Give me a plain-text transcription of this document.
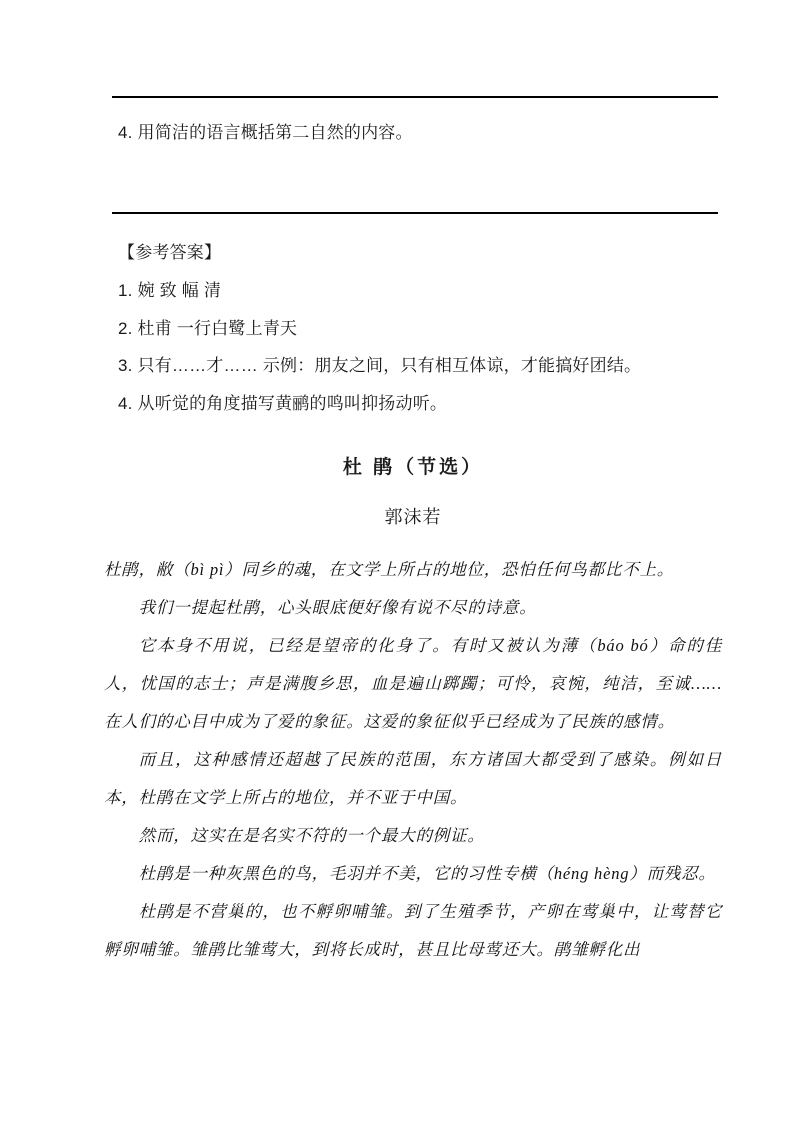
4. 用简洁的语言概括第二自然的内容。
【参考答案】
1. 婉 致 幅 清
2. 杜甫 一行白鹭上青天
3. 只有……才…… 示例：朋友之间，只有相互体谅，才能搞好团结。
4. 从听觉的角度描写黄鹂的鸣叫抑扬动听。
杜 鹃（节选）
郭沫若

杜鹃，敝（bì pì）同乡的魂，在文学上所占的地位，恐怕任何鸟都比不上。

我们一提起杜鹃，心头眼底便好像有说不尽的诗意。

它本身不用说，已经是望帝的化身了。有时又被认为薄（báo bó）命的佳人，忧国的志士；声是满腹乡思，血是遍山踯躅；可怜，哀惋，纯洁，至诚……在人们的心目中成为了爱的象征。这爱的象征似乎已经成为了民族的感情。

而且，这种感情还超越了民族的范围，东方诸国大都受到了感染。例如日本，杜鹃在文学上所占的地位，并不亚于中国。

然而，这实在是名实不符的一个最大的例证。

杜鹃是一种灰黑色的鸟，毛羽并不美，它的习性专横（héng hèng）而残忍。

杜鹃是不营巢的，也不孵卵哺雏。到了生殖季节，产卵在莺巢中，让莺替它孵卵哺雏。雏鹃比雏莺大，到将长成时，甚且比母莺还大。鹃雏孵化出
